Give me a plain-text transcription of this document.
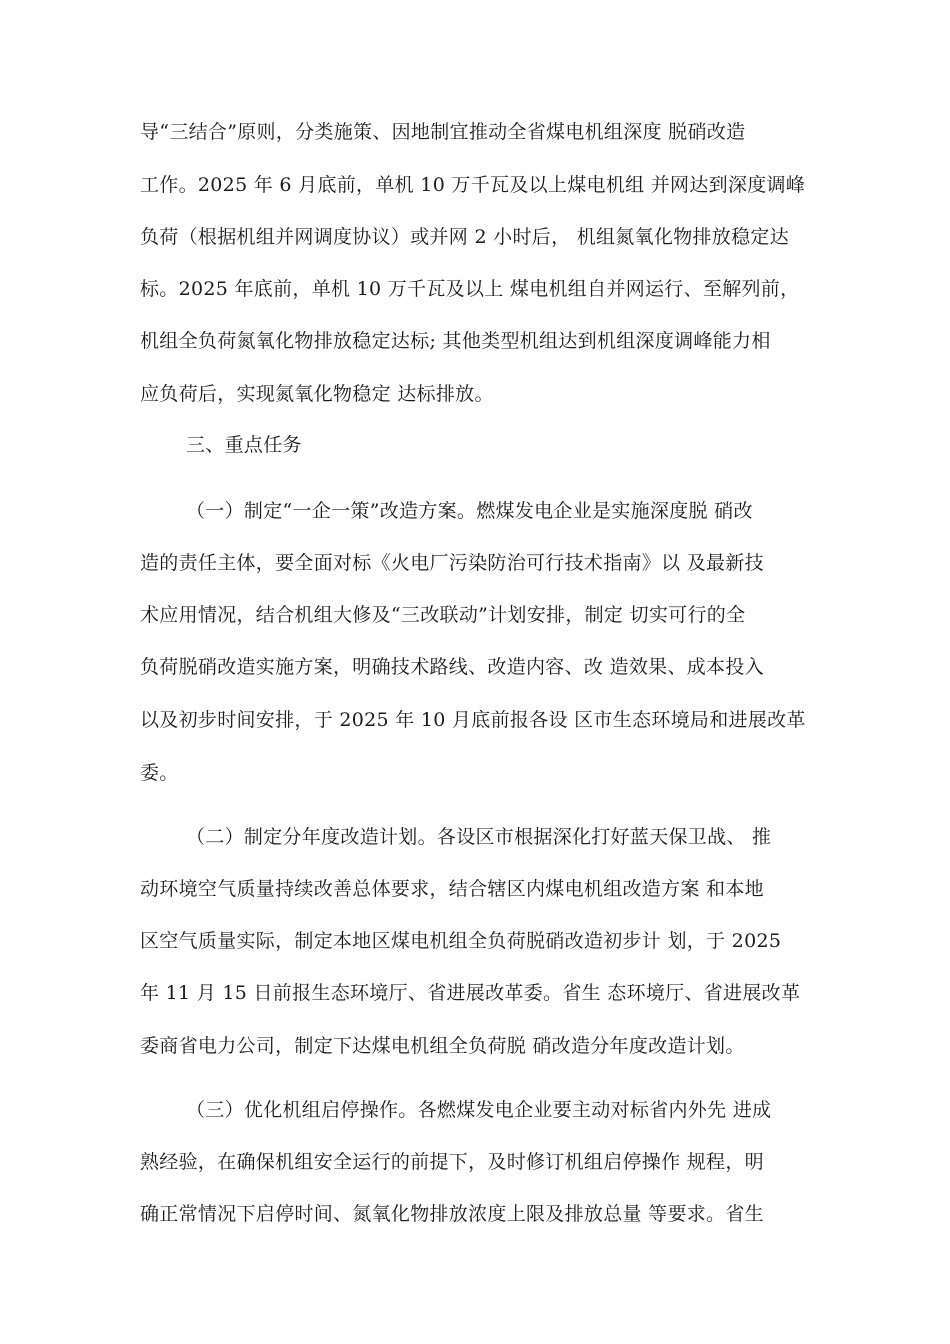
导“三结合”原则，分类施策、因地制宜推动全省煤电机组深度 脱硝改造
工作。2025 年 6 月底前，单机 10 万千瓦及以上煤电机组 并网达到深度调峰
负荷（根据机组并网调度协议）或并网 2 小时后， 机组氮氧化物排放稳定达
标。2025 年底前，单机 10 万千瓦及以上 煤电机组自并网运行、至解列前，
机组全负荷氮氧化物排放稳定达标; 其他类型机组达到机组深度调峰能力相
应负荷后，实现氮氧化物稳定 达标排放。
三、重点任务
（一）制定“一企一策”改造方案。燃煤发电企业是实施深度脱 硝改
造的责任主体，要全面对标《火电厂污染防治可行技术指南》以 及最新技
术应用情况，结合机组大修及“三改联动”计划安排，制定 切实可行的全
负荷脱硝改造实施方案，明确技术路线、改造内容、改 造效果、成本投入
以及初步时间安排，于 2025 年 10 月底前报各设 区市生态环境局和进展改革
委。
（二）制定分年度改造计划。各设区市根据深化打好蓝天保卫战、 推
动环境空气质量持续改善总体要求，结合辖区内煤电机组改造方案 和本地
区空气质量实际，制定本地区煤电机组全负荷脱硝改造初步计 划，于 2025
年 11 月 15 日前报生态环境厅、省进展改革委。省生 态环境厅、省进展改革
委商省电力公司，制定下达煤电机组全负荷脱 硝改造分年度改造计划。
（三）优化机组启停操作。各燃煤发电企业要主动对标省内外先 进成
熟经验，在确保机组安全运行的前提下，及时修订机组启停操作 规程，明
确正常情况下启停时间、氮氧化物排放浓度上限及排放总量 等要求。省生
